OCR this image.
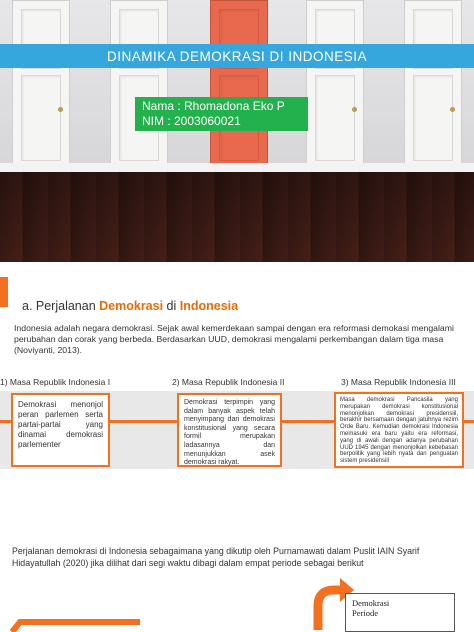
DINAMIKA DEMOKRASI DI INDONESIA
Nama : Rhomadona Eko P
NIM : 2003060021
a. Perjalanan Demokrasi di Indonesia
Indonesia adalah negara demokrasi. Sejak awal kemerdekaan sampai dengan era reformasi demokasi mengalami perubahan dan corak yang berbeda. Berdasarkan UUD, demokrasi mengalami perkembangan dalam tiga masa (Noviyanti, 2013).
1) Masa Republik Indonesia I	2) Masa Republik Indonesia II	3) Masa Republik Indonesia III
Demokrasi menonjol peran parlemen serta partai-partai yang dinamai demokrasi parlementer
Demokrasi terpimpin yang dalam banyak aspek telah menyimpang dari demokrasi konstitusional yang secara formil merupakan ladasannya dan menunjukkan asek demokrasi rakyat.
Masa demokrasi Pancasila yang merupakan demokrasi konstitusional menonjolkan demokrasi presidensiil, berakhir bersamaan dengan jatuhnya rezim Orde Baru. Kemudian demokrasi Indonesia memasuki era baru yaitu era reformasi, yang di awali dengan adanya perubahan UUD 1945 dengan menonjolkan kebebasan berpolitik yang lebih nyata dan penguatan sistem presidensiil
Perjalanan demokrasi di Indonesia sebagaimana yang dikutip oleh Purnamawati dalam Puslit IAIN Syarif Hidayatullah (2020) jika dilihat dari segi waktu dibagi dalam empat periode sebagai berikut
Demokrasi
Periode
